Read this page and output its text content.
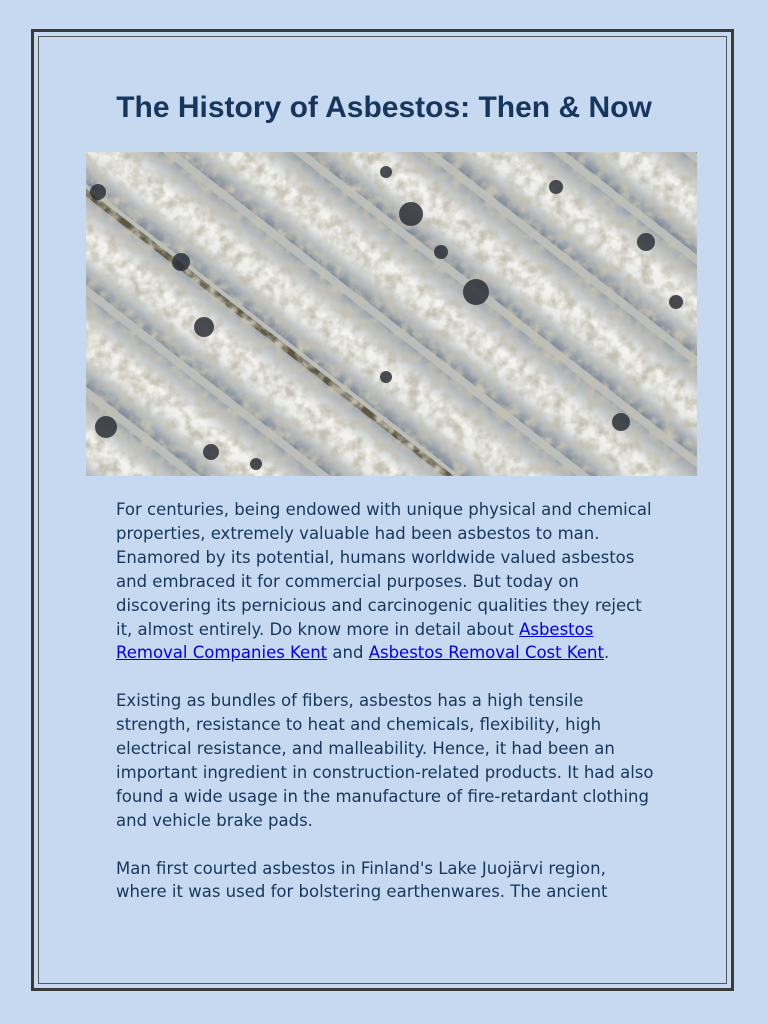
The History of Asbestos: Then & Now

For centuries, being endowed with unique physical and chemical properties, extremely valuable had been asbestos to man. Enamored by its potential, humans worldwide valued asbestos and embraced it for commercial purposes. But today on discovering its pernicious and carcinogenic qualities they reject it, almost entirely. Do know more in detail about Asbestos Removal Companies Kent and Asbestos Removal Cost Kent.

Existing as bundles of fibers, asbestos has a high tensile strength, resistance to heat and chemicals, flexibility, high electrical resistance, and malleability. Hence, it had been an important ingredient in construction-related products. It had also found a wide usage in the manufacture of fire-retardant clothing and vehicle brake pads.

Man first courted asbestos in Finland's Lake Juojärvi region, where it was used for bolstering earthenwares. The ancient
